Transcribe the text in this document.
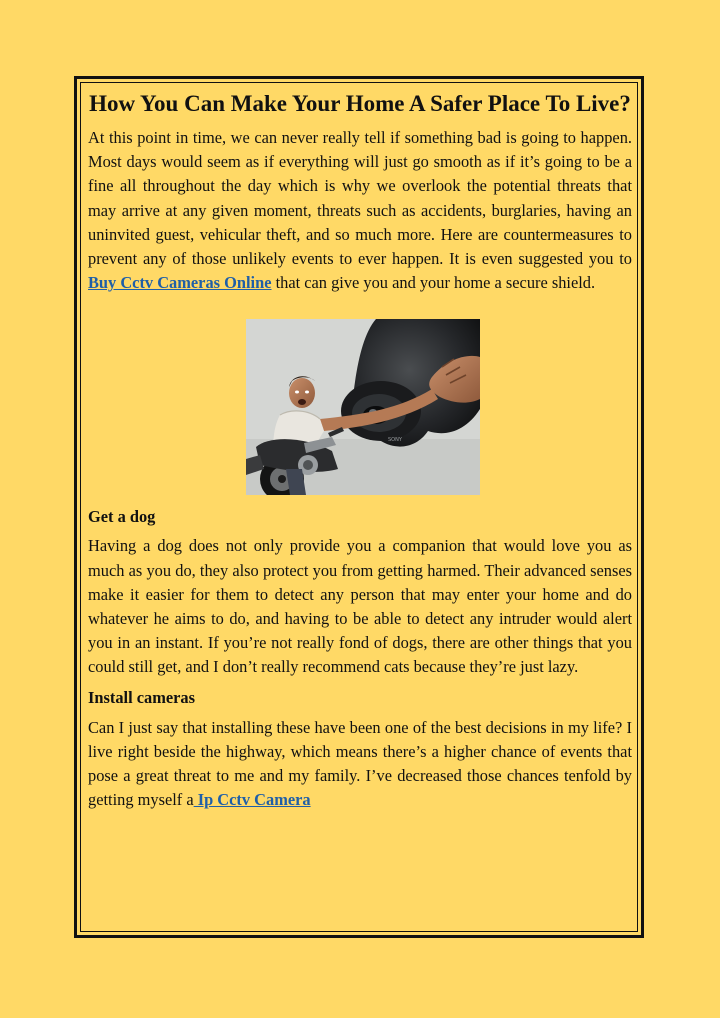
How You Can Make Your Home A Safer Place To Live?

At this point in time, we can never really tell if something bad is going to happen. Most days would seem as if everything will just go smooth as if it’s going to be a fine all throughout the day which is why we overlook the potential threats that may arrive at any given moment, threats such as accidents, burglaries, having an uninvited guest, vehicular theft, and so much more. Here are countermeasures to prevent any of those unlikely events to ever happen. It is even suggested you to Buy Cctv Cameras Online that can give you and your home a secure shield.

SONY
Get a dog

Having a dog does not only provide you a companion that would love you as much as you do, they also protect you from getting harmed. Their advanced senses make it easier for them to detect any person that may enter your home and do whatever he aims to do, and having to be able to detect any intruder would alert you in an instant. If you’re not really fond of dogs, there are other things that you could still get, and I don’t really recommend cats because they’re just lazy.

Install cameras

Can I just say that installing these have been one of the best decisions in my life? I live right beside the highway, which means there’s a higher chance of events that pose a great threat to me and my family. I’ve decreased those chances tenfold by getting myself a Ip Cctv Camera
